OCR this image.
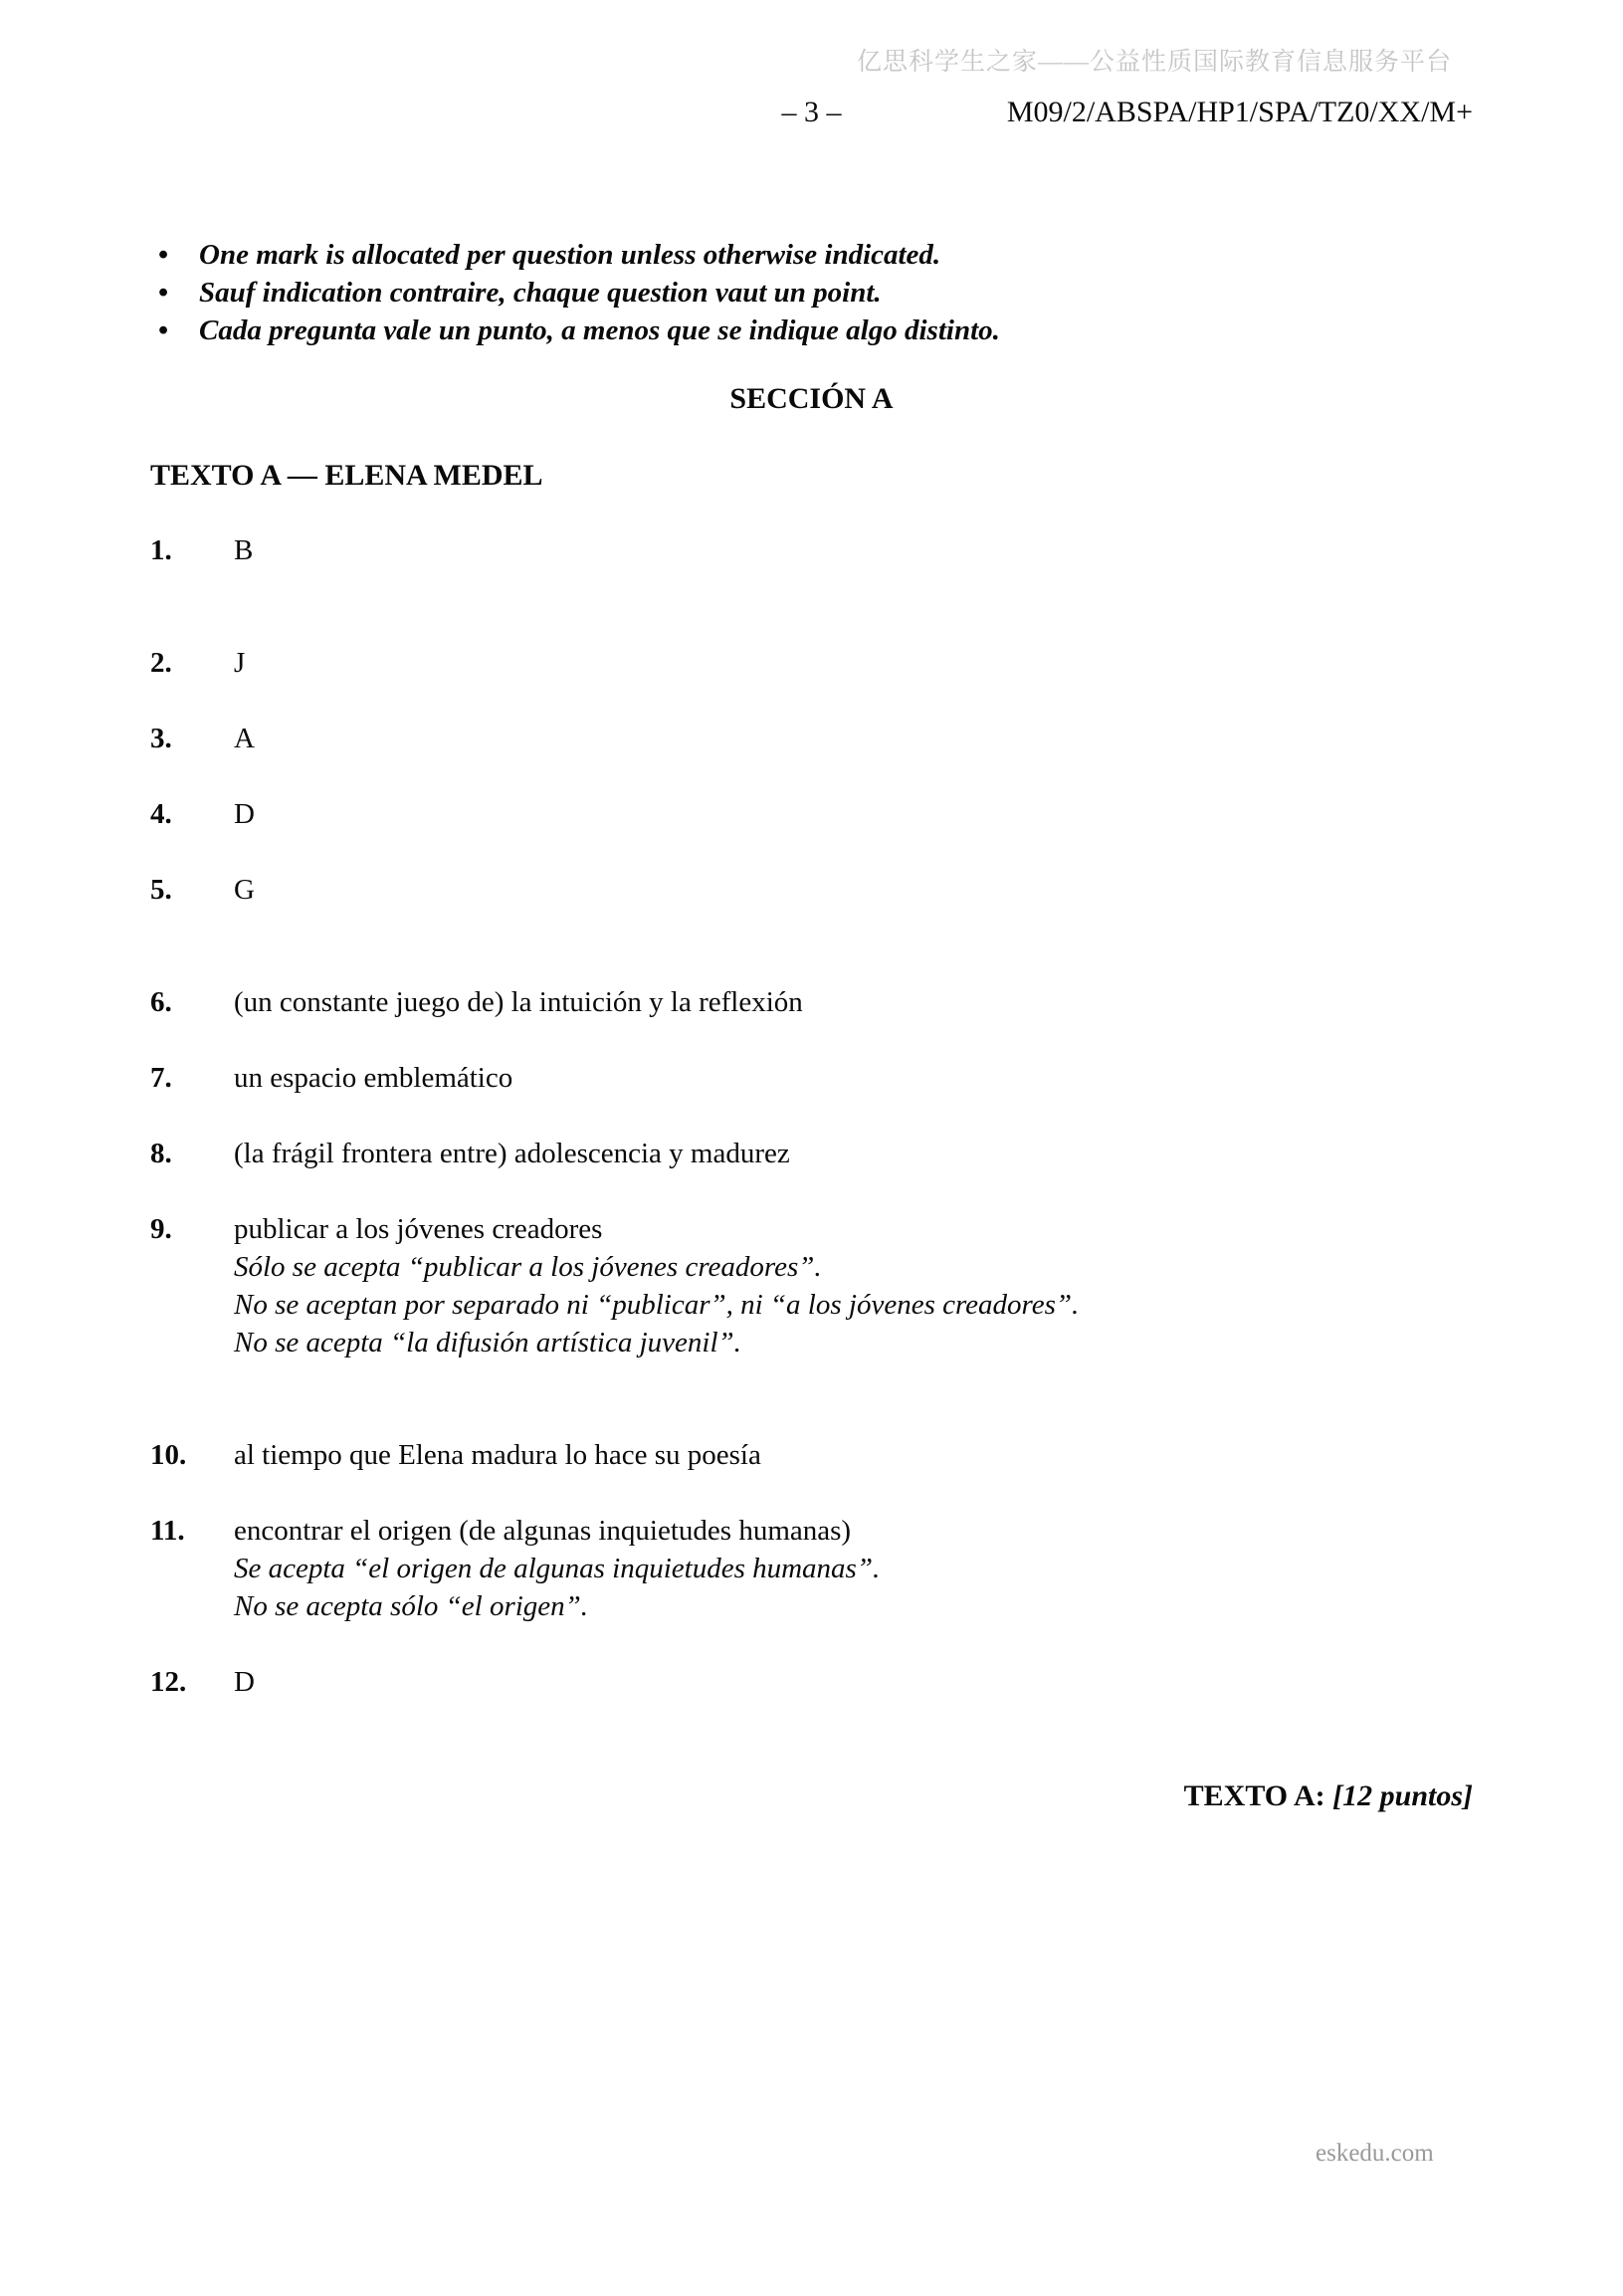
亿思科学生之家——公益性质国际教育信息服务平台
– 3 –	M09/2/ABSPA/HP1/SPA/TZ0/XX/M+
• One mark is allocated per question unless otherwise indicated.
• Sauf indication contraire, chaque question vaut un point.
• Cada pregunta vale un punto, a menos que se indique algo distinto.
SECCIÓN A
TEXTO A — ELENA MEDEL
1.	B
2.	J
3.	A
4.	D
5.	G
6.	(un constante juego de) la intuición y la reflexión
7.	un espacio emblemático
8.	(la frágil frontera entre) adolescencia y madurez
9.	publicar a los jóvenes creadores
Sólo se acepta “publicar a los jóvenes creadores”.
No se aceptan por separado ni “publicar”, ni “a los jóvenes creadores”.
No se acepta “la difusión artística juvenil”.
10.	al tiempo que Elena madura lo hace su poesía
11.	encontrar el origen (de algunas inquietudes humanas)
Se acepta “el origen de algunas inquietudes humanas”.
No se acepta sólo “el origen”.
12.	D
TEXTO A: [12 puntos]
eskedu.com
